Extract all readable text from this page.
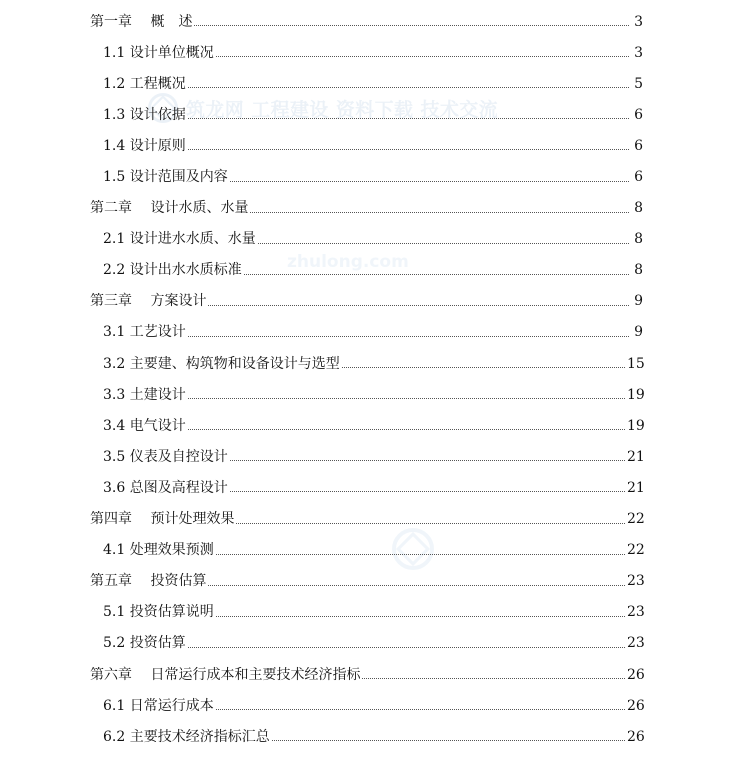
筑龙网 工程建设 资料下载 技术交流
zhulong.com
第一章　 概　述	3
1.1 设计单位概况	3
1.2 工程概况	5
1.3 设计依据	6
1.4 设计原则	6
1.5 设计范围及内容	6
第二章　 设计水质、水量	8
2.1 设计进水水质、水量	8
2.2 设计出水水质标准	8
第三章　 方案设计	9
3.1 工艺设计	9
3.2 主要建、构筑物和设备设计与选型	15
3.3 土建设计	19
3.4 电气设计	19
3.5 仪表及自控设计	21
3.6 总图及高程设计	21
第四章　 预计处理效果	22
4.1 处理效果预测	22
第五章　 投资估算	23
5.1 投资估算说明	23
5.2 投资估算	23
第六章　 日常运行成本和主要技术经济指标	26
6.1 日常运行成本	26
6.2 主要技术经济指标汇总	26
